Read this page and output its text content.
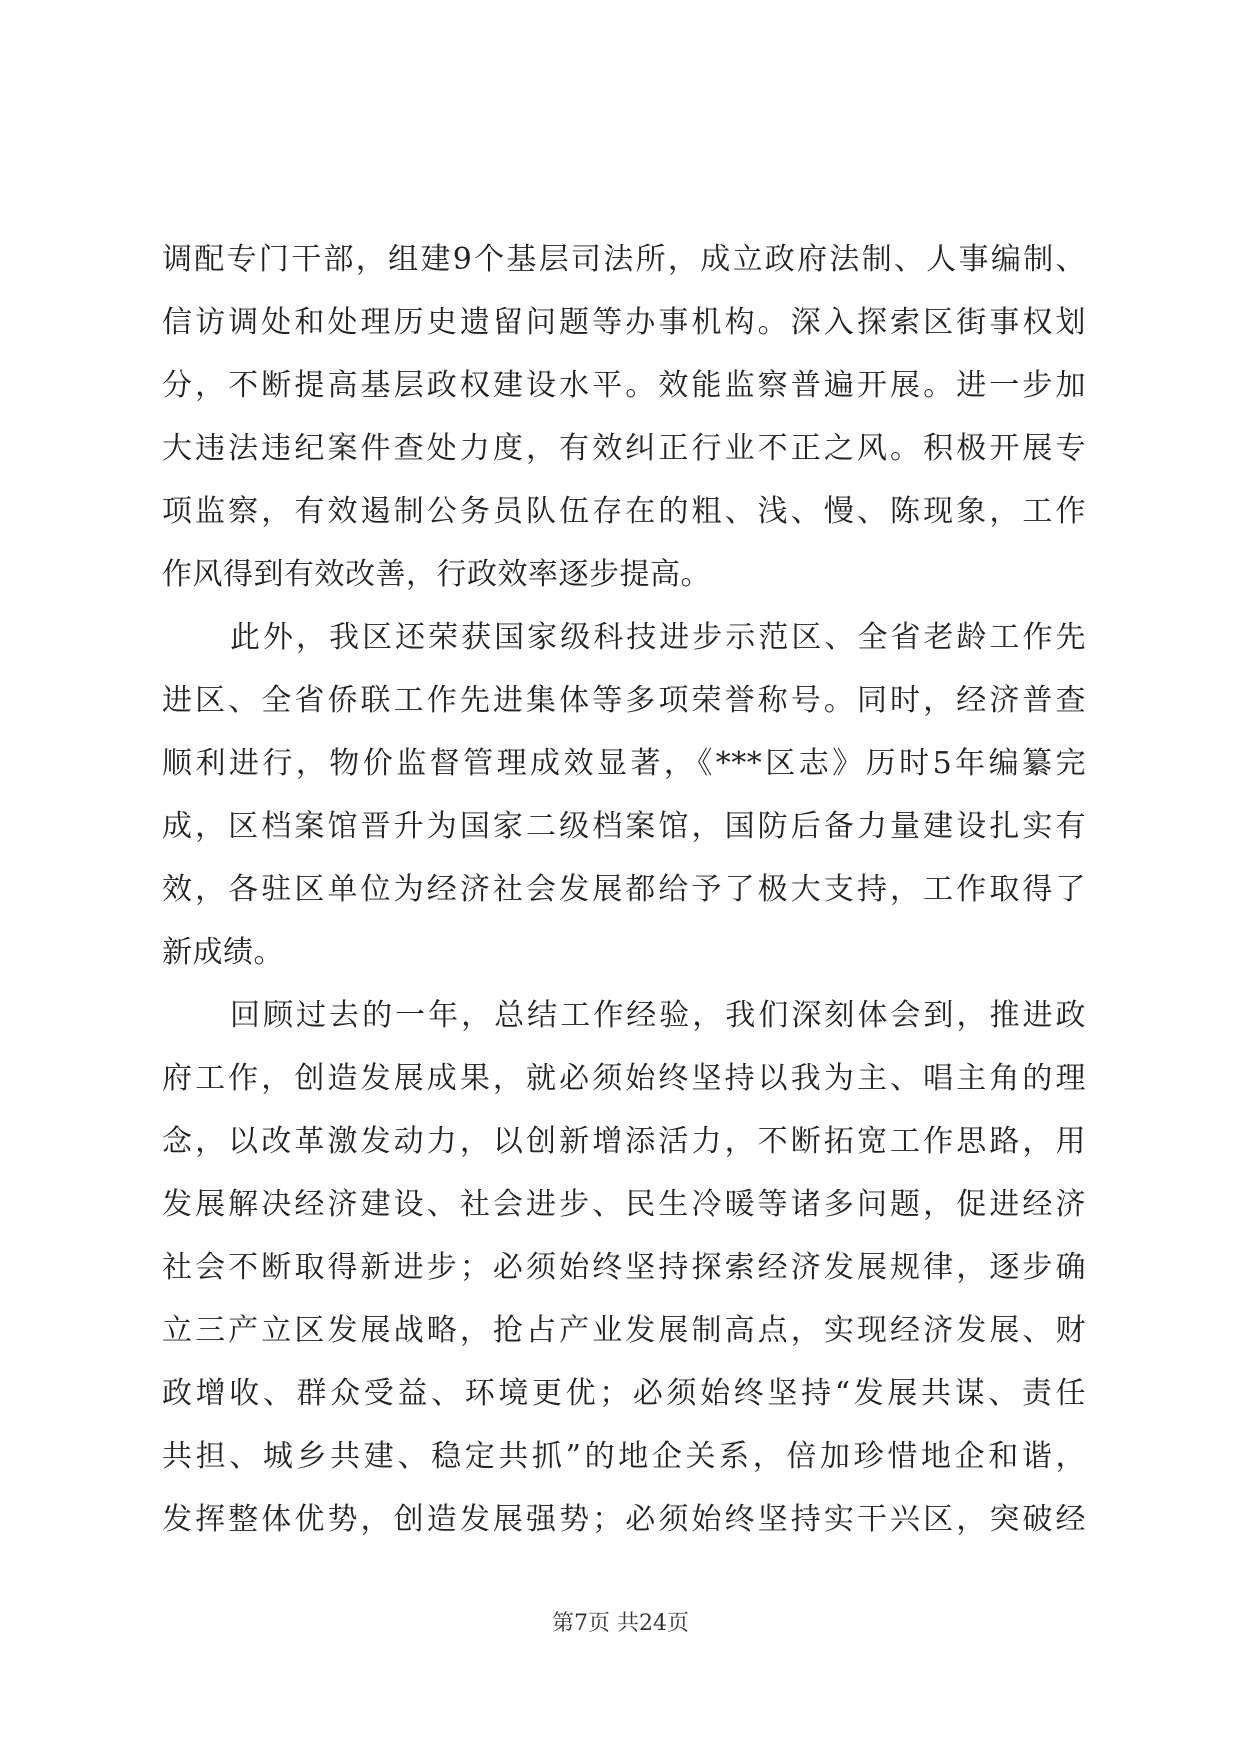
调配专门干部，组建9个基层司法所，成立政府法制、人事编制、
信访调处和处理历史遗留问题等办事机构。深入探索区街事权划
分，不断提高基层政权建设水平。效能监察普遍开展。进一步加
大违法违纪案件查处力度，有效纠正行业不正之风。积极开展专
项监察，有效遏制公务员队伍存在的粗、浅、慢、陈现象，工作
作风得到有效改善，行政效率逐步提高。
此外，我区还荣获国家级科技进步示范区、全省老龄工作先
进区、全省侨联工作先进集体等多项荣誉称号。同时，经济普查
顺利进行，物价监督管理成效显著，《***区志》历时5年编纂完
成，区档案馆晋升为国家二级档案馆，国防后备力量建设扎实有
效，各驻区单位为经济社会发展都给予了极大支持，工作取得了
新成绩。
回顾过去的一年，总结工作经验，我们深刻体会到，推进政
府工作，创造发展成果，就必须始终坚持以我为主、唱主角的理
念，以改革激发动力，以创新增添活力，不断拓宽工作思路，用
发展解决经济建设、社会进步、民生冷暖等诸多问题，促进经济
社会不断取得新进步；必须始终坚持探索经济发展规律，逐步确
立三产立区发展战略，抢占产业发展制高点，实现经济发展、财
政增收、群众受益、环境更优；必须始终坚持“发展共谋、责任
共担、城乡共建、稳定共抓”的地企关系，倍加珍惜地企和谐，
发挥整体优势，创造发展强势；必须始终坚持实干兴区，突破经
第7页 共24页
